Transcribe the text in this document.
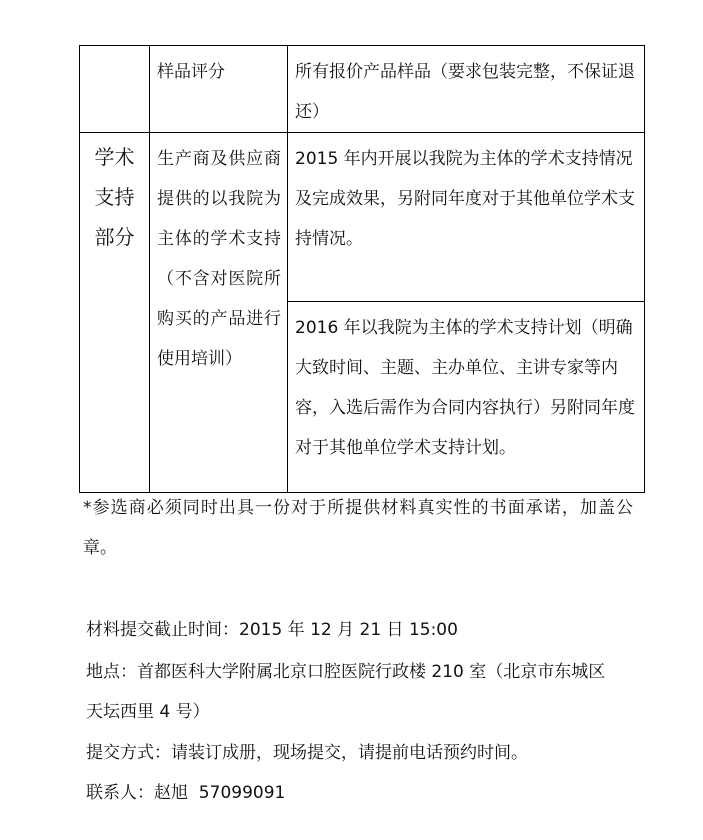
	样品评分	所有报价产品样品（要求包装完整，不保证退还）

学术
支持
部分	生产商及供应商提供的以我院为主体的学术支持（不含对医院所购买的产品进行使用培训）	2015 年内开展以我院为主体的学术支持情况及完成效果，另附同年度对于其他单位学术支持情况。

		2016 年以我院为主体的学术支持计划（明确大致时间、主题、主办单位、主讲专家等内容，入选后需作为合同内容执行）另附同年度对于其他单位学术支持计划。
*参选商必须同时出具一份对于所提供材料真实性的书面承诺，加盖公章。
材料提交截止时间：2015 年 12 月 21 日 15:00
地点：首都医科大学附属北京口腔医院行政楼 210 室（北京市东城区
天坛西里 4 号）
提交方式：请装订成册，现场提交，请提前电话预约时间。
联系人：赵旭  57099091
